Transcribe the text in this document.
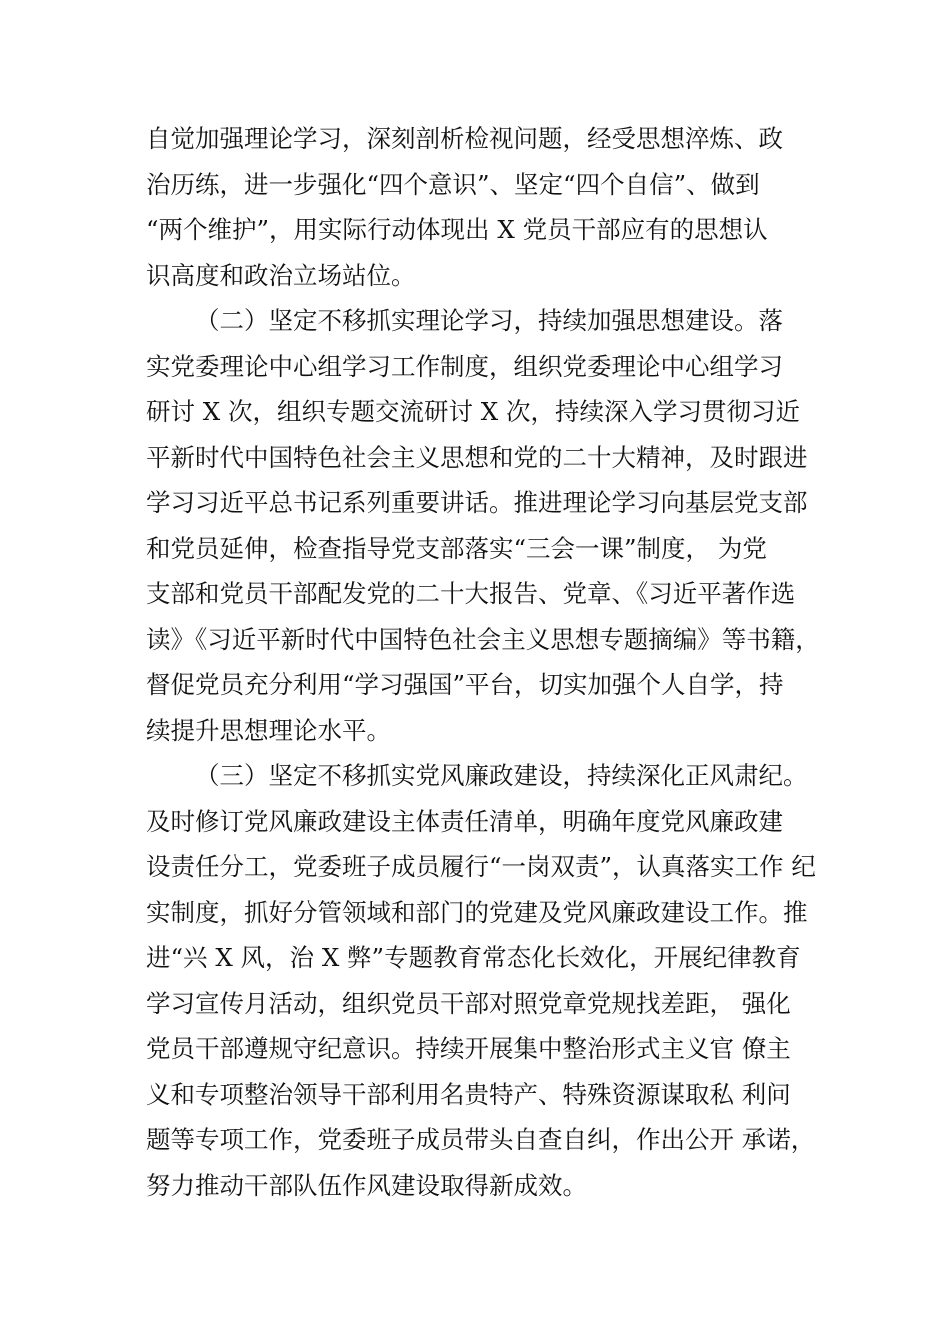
自觉加强理论学习，深刻剖析检视问题，经受思想淬炼、政
治历练，进一步强化“四个意识”、坚定“四个自信”、做到
“两个维护”，用实际行动体现出 X 党员干部应有的思想认
识高度和政治立场站位。
（二）坚定不移抓实理论学习，持续加强思想建设。落
实党委理论中心组学习工作制度，组织党委理论中心组学习
研讨 X 次，组织专题交流研讨 X 次，持续深入学习贯彻习近
平新时代中国特色社会主义思想和党的二十大精神，及时跟进
学习习近平总书记系列重要讲话。推进理论学习向基层党支部
和党员延伸，检查指导党支部落实“三会一课”制度， 为党
支部和党员干部配发党的二十大报告、党章、《习近平著作选
读》《习近平新时代中国特色社会主义思想专题摘编》等书籍，
督促党员充分利用“学习强国”平台，切实加强个人自学，持
续提升思想理论水平。
（三）坚定不移抓实党风廉政建设，持续深化正风肃纪。
及时修订党风廉政建设主体责任清单，明确年度党风廉政建
设责任分工，党委班子成员履行“一岗双责”，认真落实工作 纪
实制度，抓好分管领域和部门的党建及党风廉政建设工作。推
进“兴 X 风，治 X 弊”专题教育常态化长效化，开展纪律教育
学习宣传月活动，组织党员干部对照党章党规找差距， 强化
党员干部遵规守纪意识。持续开展集中整治形式主义官 僚主
义和专项整治领导干部利用名贵特产、特殊资源谋取私 利问
题等专项工作，党委班子成员带头自查自纠，作出公开 承诺，
努力推动干部队伍作风建设取得新成效。
